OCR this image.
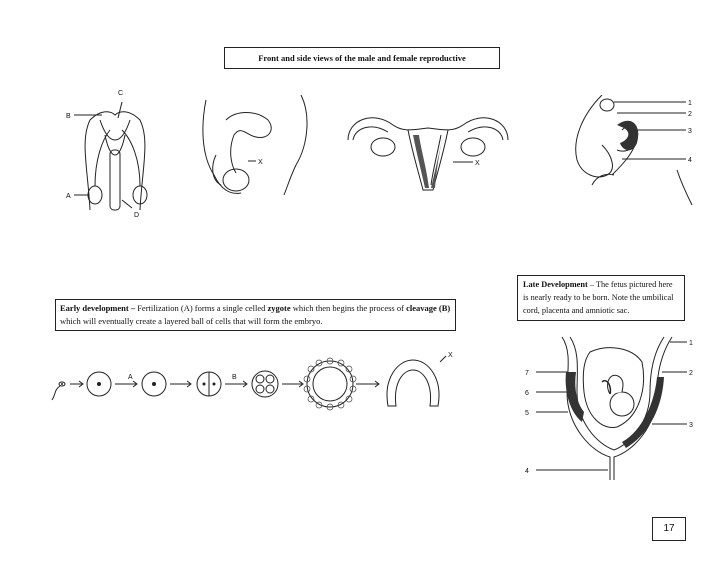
Front and side views of the male and female reproductive
C
B
A
D
X	X
1
2
3
4
Late Development – The fetus pictured here is nearly ready to be born. Note the umbilical cord, placenta and amniotic sac.
Early development – Fertilization (A) forms a single celled zygote which then begins the process of cleavage (B) which will eventually create a layered ball of cells that will form the embryo.
A	B
X
7
6
5
1
2
3
4
17
